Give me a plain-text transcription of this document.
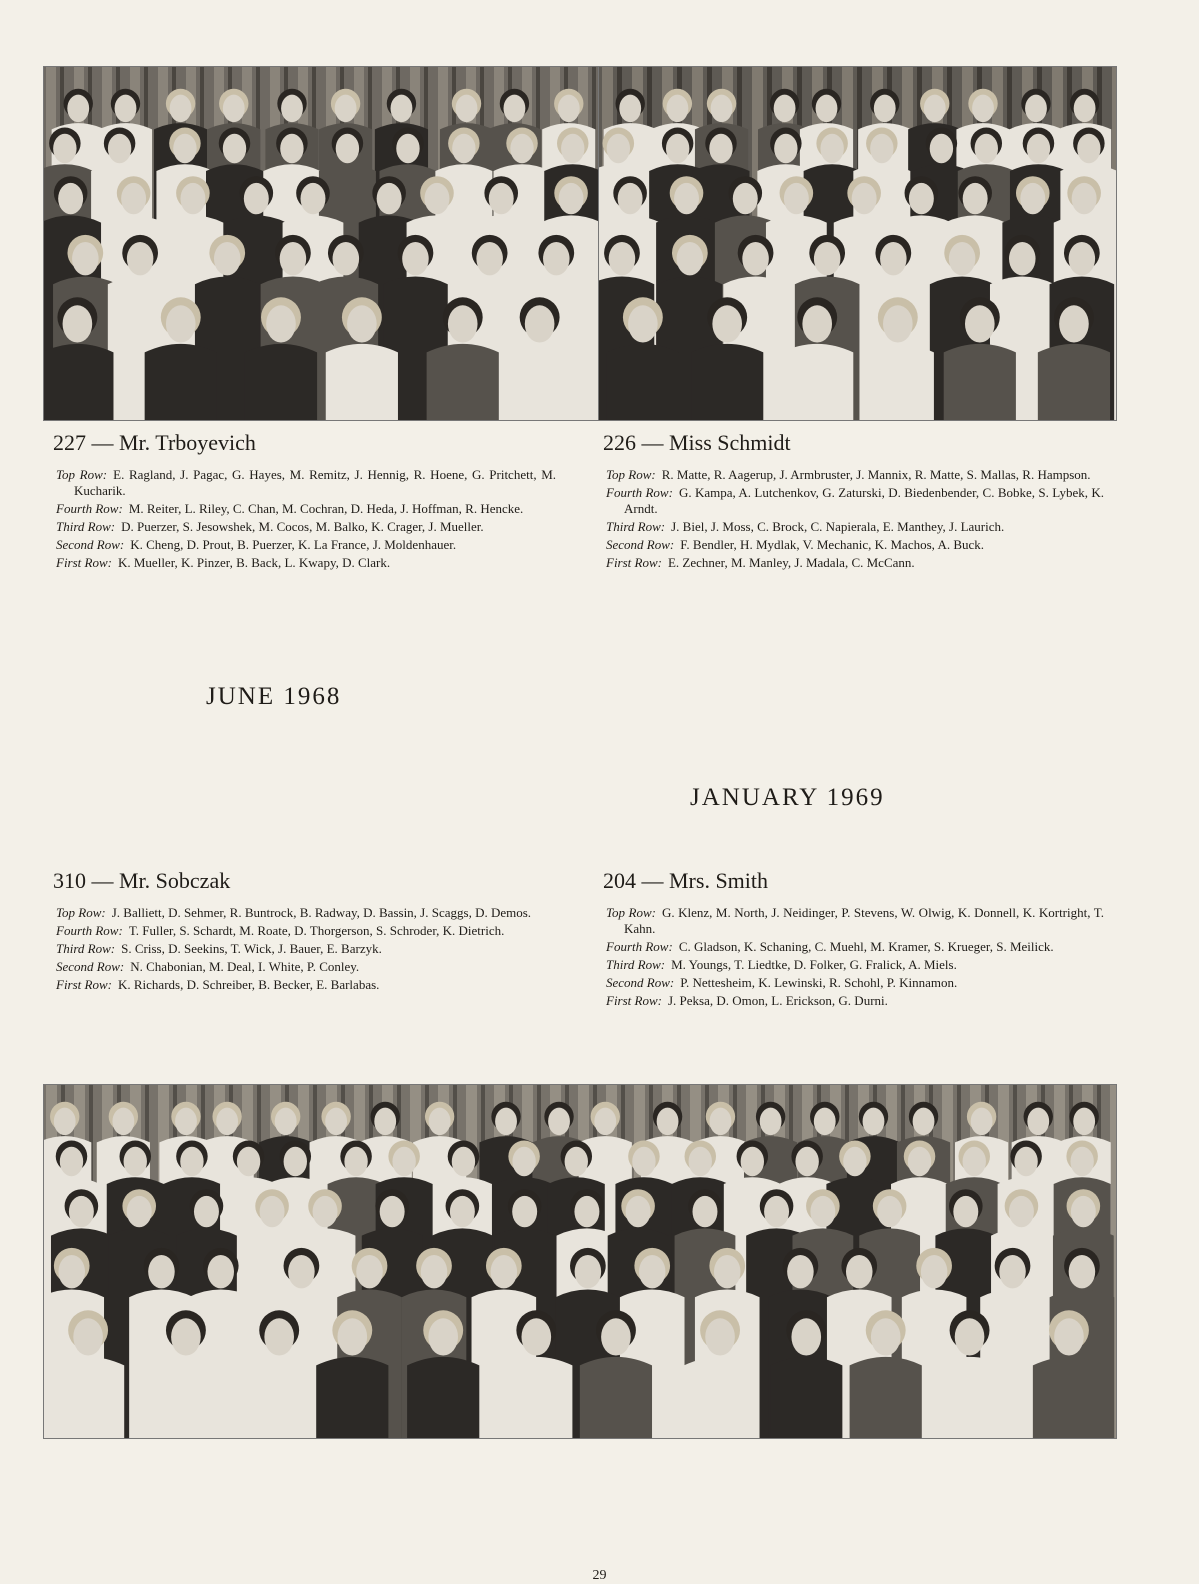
227 — Mr. Trboyevich

Top Row: E. Ragland, J. Pagac, G. Hayes, M. Remitz, J. Hennig, R. Hoene, G. Pritchett, M. Kucharik.

Fourth Row: M. Reiter, L. Riley, C. Chan, M. Cochran, D. Heda, J. Hoffman, R. Hencke.

Third Row: D. Puerzer, S. Jesowshek, M. Cocos, M. Balko, K. Crager, J. Mueller.

Second Row: K. Cheng, D. Prout, B. Puerzer, K. La France, J. Moldenhauer.

First Row: K. Mueller, K. Pinzer, B. Back, L. Kwapy, D. Clark.

226 — Miss Schmidt

Top Row: R. Matte, R. Aagerup, J. Armbruster, J. Mannix, R. Matte, S. Mallas, R. Hampson.

Fourth Row: G. Kampa, A. Lutchenkov, G. Zaturski, D. Biedenbender, C. Bobke, S. Lybek, K. Arndt.

Third Row: J. Biel, J. Moss, C. Brock, C. Napierala, E. Manthey, J. Laurich.

Second Row: F. Bendler, H. Mydlak, V. Mechanic, K. Machos, A. Buck.

First Row: E. Zechner, M. Manley, J. Madala, C. McCann.

JUNE 1968
JANUARY 1969
310 — Mr. Sobczak

Top Row: J. Balliett, D. Sehmer, R. Buntrock, B. Radway, D. Bassin, J. Scaggs, D. Demos.

Fourth Row: T. Fuller, S. Schardt, M. Roate, D. Thorgerson, S. Schroder, K. Dietrich.

Third Row: S. Criss, D. Seekins, T. Wick, J. Bauer, E. Barzyk.

Second Row: N. Chabonian, M. Deal, I. White, P. Conley.

First Row: K. Richards, D. Schreiber, B. Becker, E. Barlabas.

204 — Mrs. Smith

Top Row: G. Klenz, M. North, J. Neidinger, P. Stevens, W. Olwig, K. Donnell, K. Kortright, T. Kahn.

Fourth Row: C. Gladson, K. Schaning, C. Muehl, M. Kramer, S. Krueger, S. Meilick.

Third Row: M. Youngs, T. Liedtke, D. Folker, G. Fralick, A. Miels.

Second Row: P. Nettesheim, K. Lewinski, R. Schohl, P. Kinnamon.

First Row: J. Peksa, D. Omon, L. Erickson, G. Durni.

29
